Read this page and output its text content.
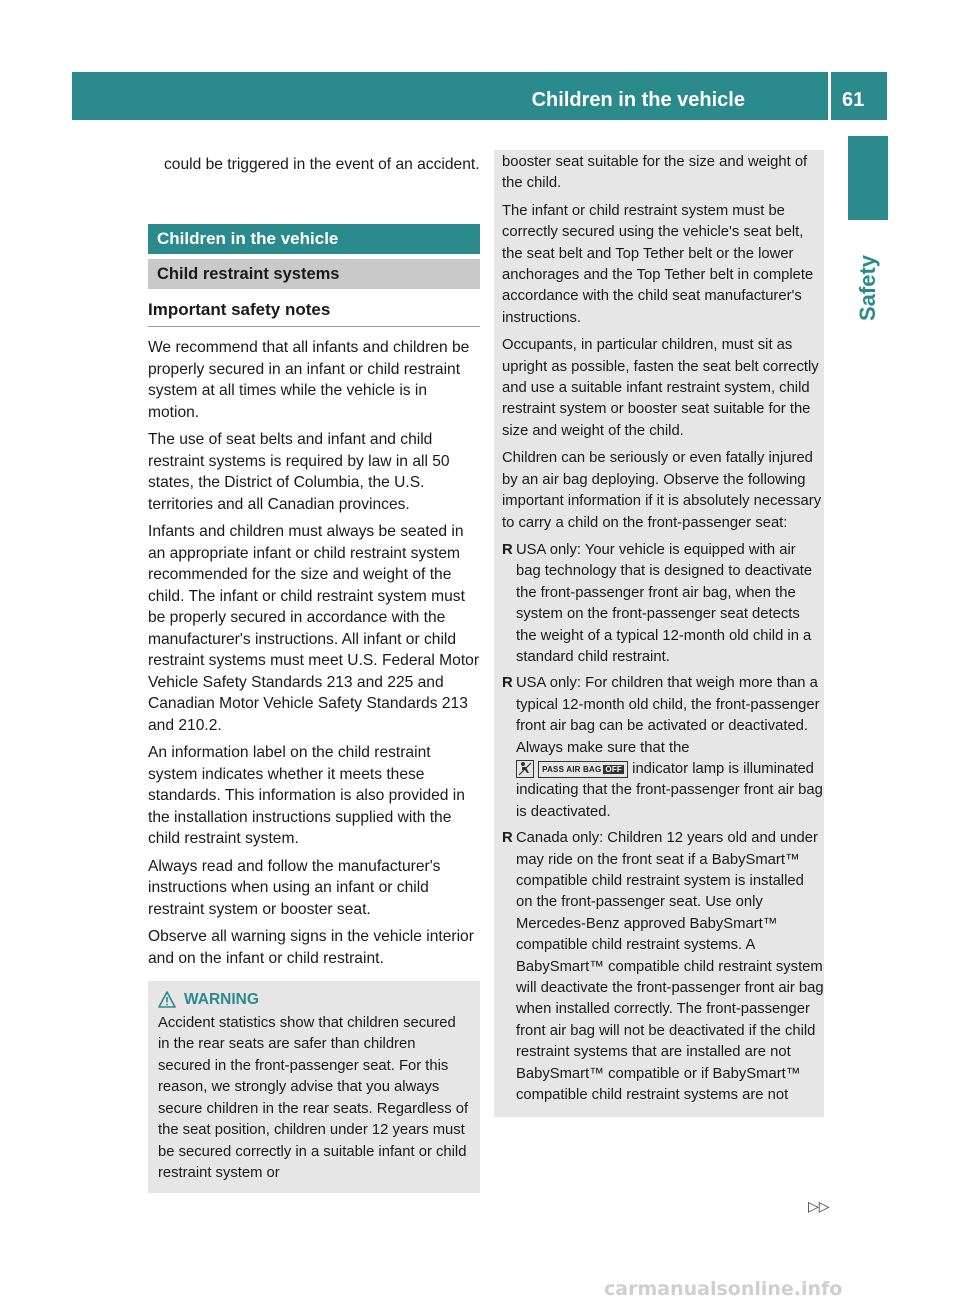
Children in the vehicle	61
Safety

could be triggered in the event of an accident.

Children in the vehicle
Child restraint systems
Important safety notes

We recommend that all infants and children be properly secured in an infant or child restraint system at all times while the vehicle is in motion.

The use of seat belts and infant and child restraint systems is required by law in all 50 states, the District of Columbia, the U.S. territories and all Canadian provinces.

Infants and children must always be seated in an appropriate infant or child restraint system recommended for the size and weight of the child. The infant or child restraint system must be properly secured in accordance with the manufacturer's instructions. All infant or child restraint systems must meet U.S. Federal Motor Vehicle Safety Standards 213 and 225 and Canadian Motor Vehicle Safety Standards 213 and 210.2.

An information label on the child restraint system indicates whether it meets these standards. This information is also provided in the installation instructions supplied with the child restraint system.

Always read and follow the manufacturer's instructions when using an infant or child restraint system or booster seat.

Observe all warning signs in the vehicle interior and on the infant or child restraint.

WARNING

Accident statistics show that children secured in the rear seats are safer than children secured in the front-passenger seat. For this reason, we strongly advise that you always secure children in the rear seats. Regardless of the seat position, children under 12 years must be secured correctly in a suitable infant or child restraint system or

booster seat suitable for the size and weight of the child.

The infant or child restraint system must be correctly secured using the vehicle's seat belt, the seat belt and Top Tether belt or the lower anchorages and the Top Tether belt in complete accordance with the child seat manufacturer's instructions.

Occupants, in particular children, must sit as upright as possible, fasten the seat belt correctly and use a suitable infant restraint system, child restraint system or booster seat suitable for the size and weight of the child.

Children can be seriously or even fatally injured by an air bag deploying. Observe the following important information if it is absolutely necessary to carry a child on the front-passenger seat:

R USA only: Your vehicle is equipped with air bag technology that is designed to deactivate the front-passenger front air bag, when the system on the front-passenger seat detects the weight of a typical 12-month old child in a standard child restraint.
R USA only: For children that weigh more than a typical 12-month old child, the front-passenger front air bag can be activated or deactivated. Always make sure that the
PASS AIR BAG OFF indicator lamp is illuminated indicating that the front-passenger front air bag is deactivated.
R Canada only: Children 12 years old and under may ride on the front seat if a BabySmart™ compatible child restraint system is installed on the front-passenger seat. Use only Mercedes-Benz approved BabySmart™ compatible child restraint systems. A BabySmart™ compatible child restraint system will deactivate the front-passenger front air bag when installed correctly. The front-passenger front air bag will not be deactivated if the child restraint systems that are installed are not BabySmart™ compatible or if BabySmart™ compatible child restraint systems are not
▷▷
carmanualsonline.info
